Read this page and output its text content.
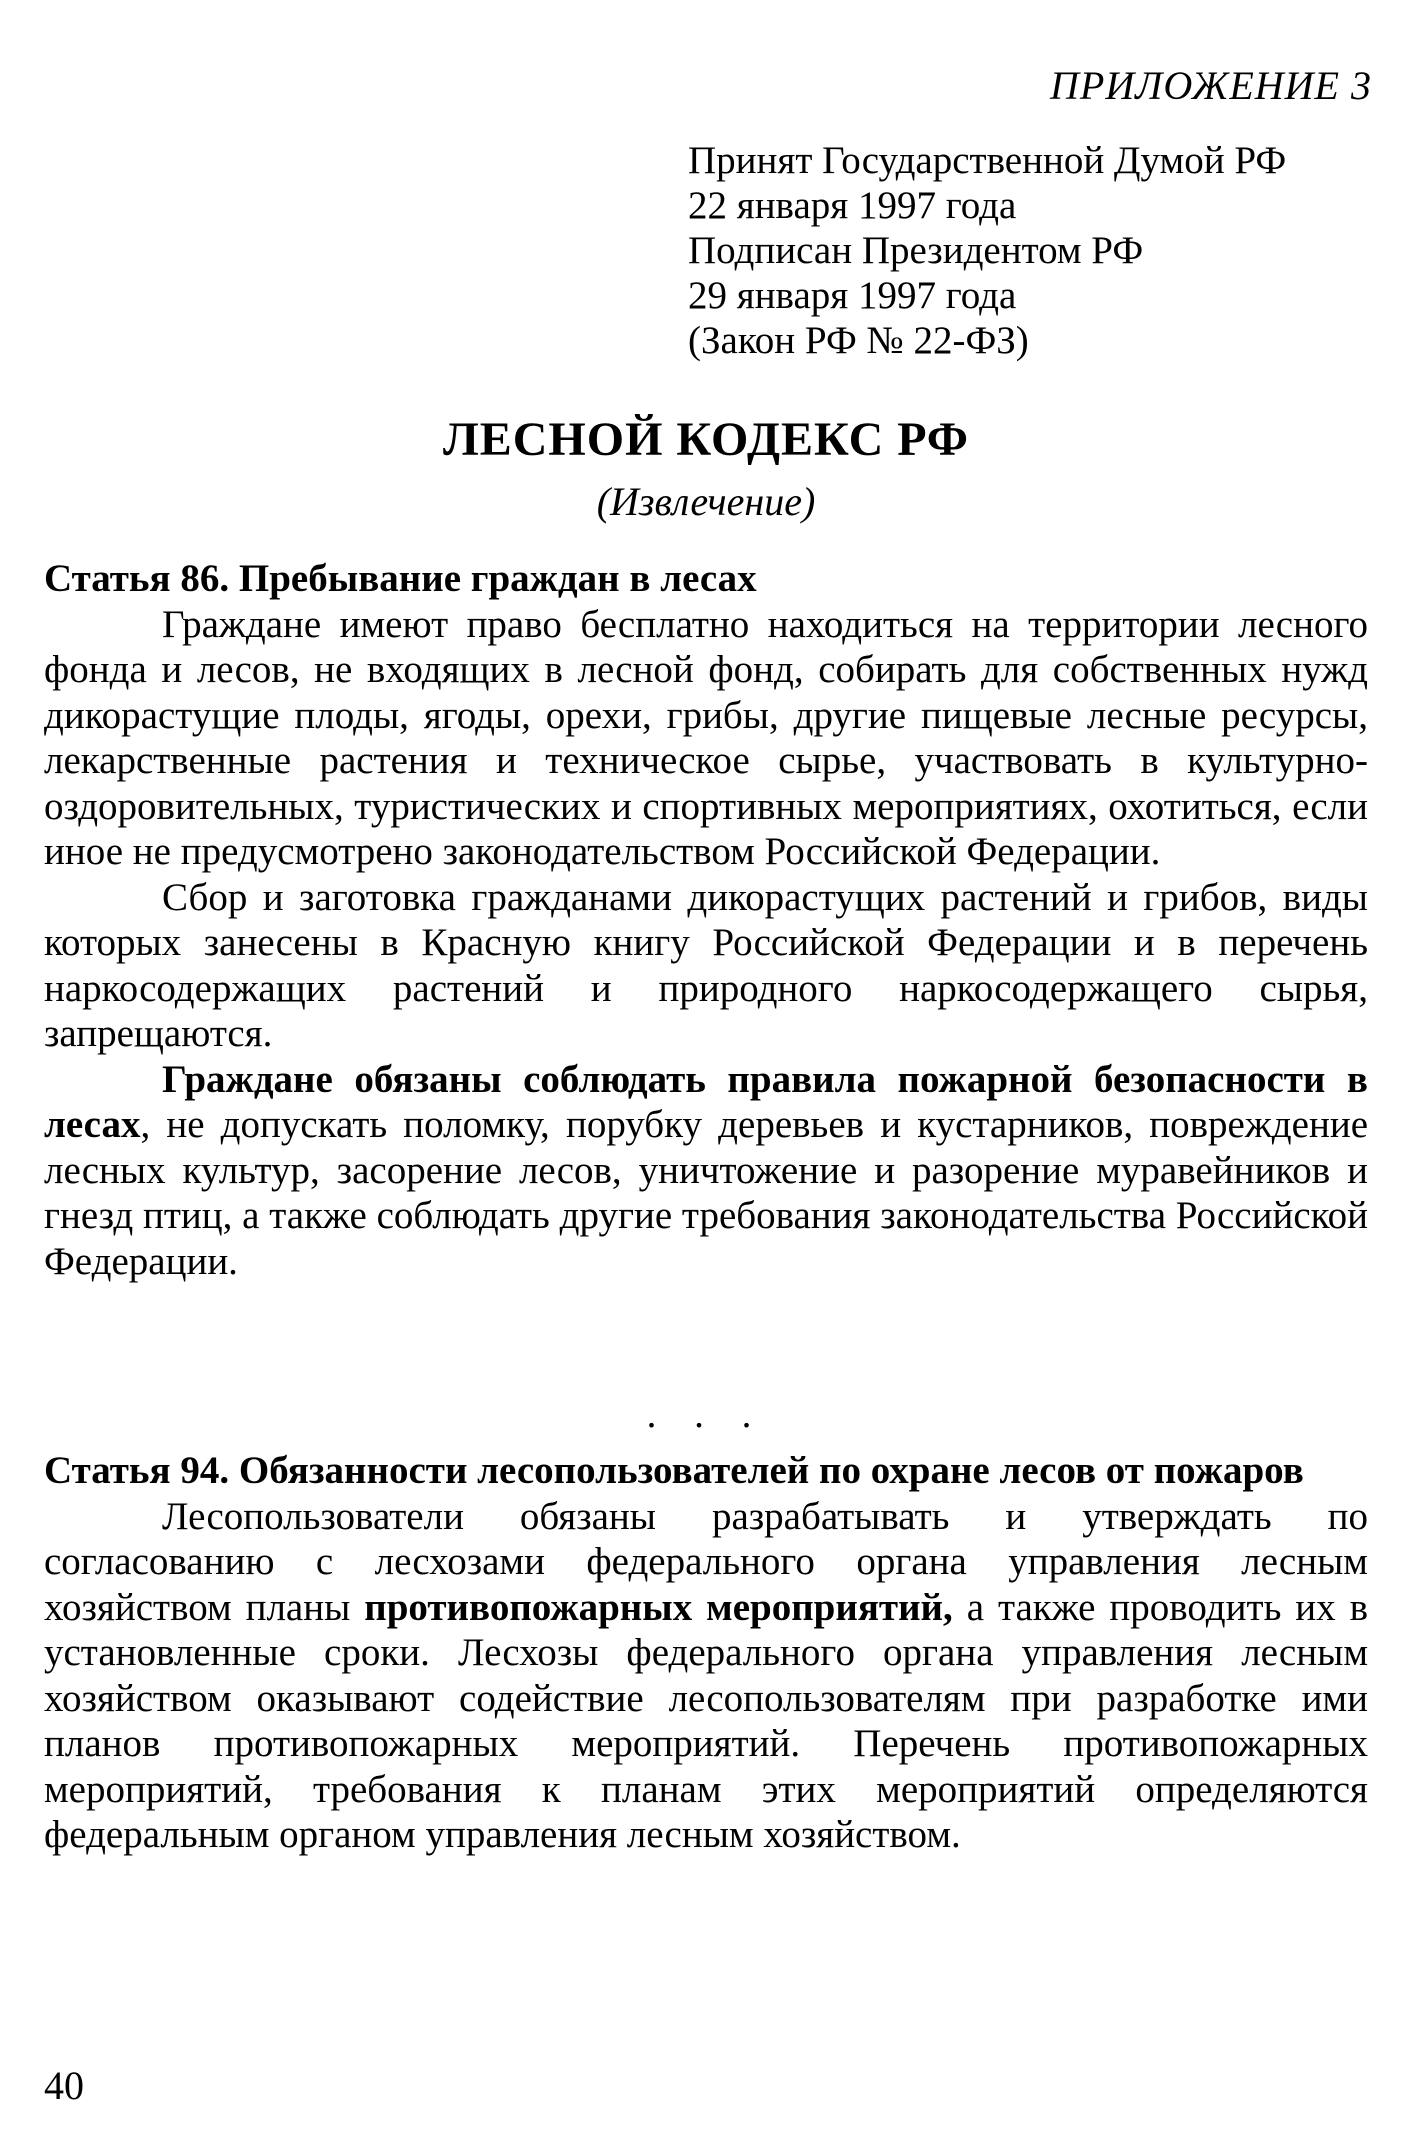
ПРИЛОЖЕНИЕ 3
Принят Государственной Думой РФ
22 января 1997 года
Подписан Президентом РФ
29 января 1997 года
(Закон РФ № 22-ФЗ)
ЛЕСНОЙ КОДЕКС РФ
(Извлечение)
Статья 86. Пребывание граждан в лесах

Граждане имеют право бесплатно находиться на территории лесного фонда и лесов, не входящих в лесной фонд, собирать для собственных нужд дикорастущие плоды, ягоды, орехи, грибы, другие пищевые лесные ресурсы, лекарственные растения и техническое сырье, участвовать в культурно-оздоровительных, туристических и спортивных мероприятиях, охотиться, если иное не предусмотрено законодательством Российской Федерации.

Сбор и заготовка гражданами дикорастущих растений и грибов, виды которых занесены в Красную книгу Российской Федерации и в перечень наркосодержащих растений и природного наркосодержащего сырья, запрещаются.

Граждане обязаны соблюдать правила пожарной безопасности в лесах, не допускать поломку, порубку деревьев и кустарников, повреждение лесных культур, засорение лесов, уничтожение и разорение муравейников и гнезд птиц, а также соблюдать другие требования законодательства Российской Федерации.

. . .
Статья 94. Обязанности лесопользователей по охране лесов от пожаров

Лесопользователи обязаны разрабатывать и утверждать по согласованию с лесхозами федерального органа управления лесным хозяйством планы противопожарных мероприятий, а также проводить их в установленные сроки. Лесхозы федерального органа управления лесным хозяйством оказывают содействие лесопользователям при разработке ими планов противопожарных мероприятий. Перечень противопожарных мероприятий, требования к планам этих мероприятий определяются федеральным органом управления лесным хозяйством.

40
